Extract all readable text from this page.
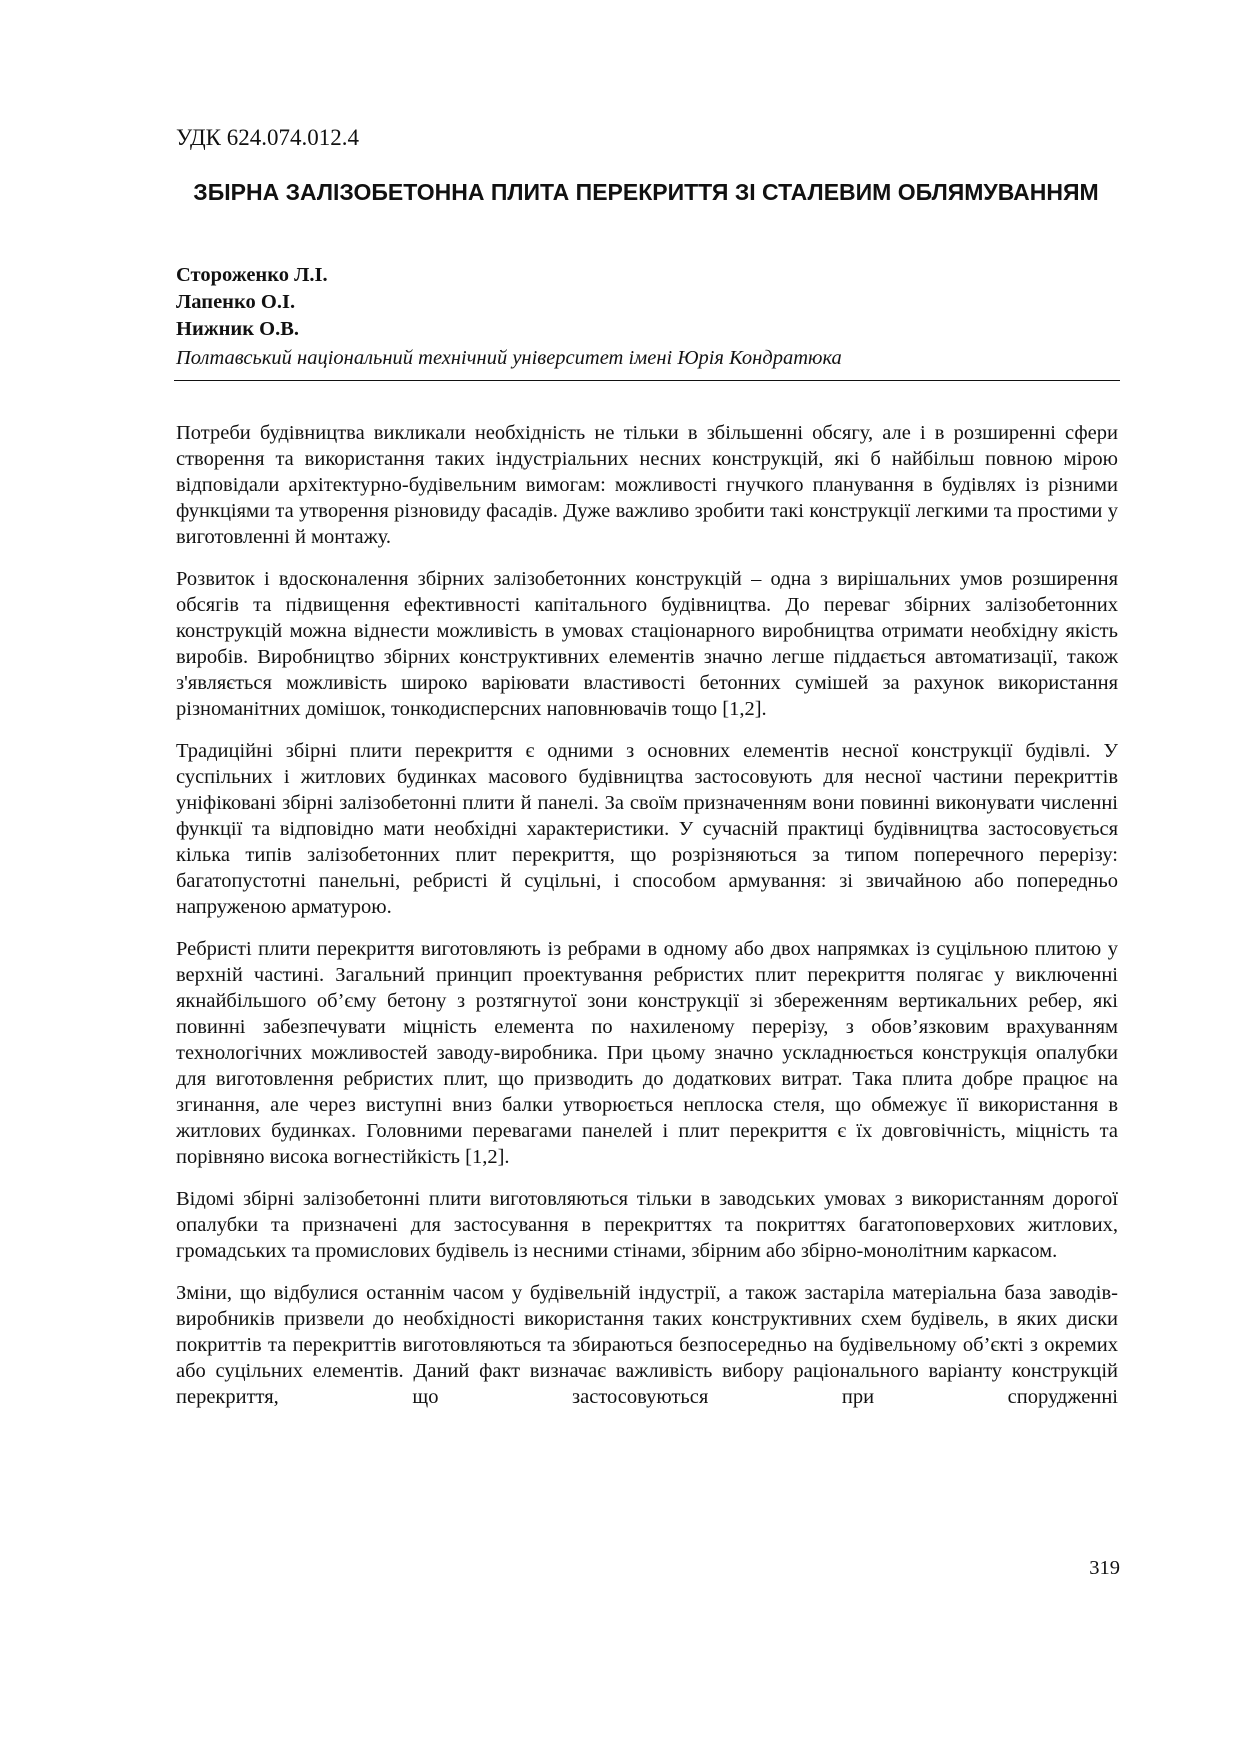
УДК 624.074.012.4

ЗБІРНА ЗАЛІЗОБЕТОННА ПЛИТА ПЕРЕКРИТТЯ ЗІ СТАЛЕВИМ ОБЛЯМУВАННЯМ
Стороженко Л.І.
Лапенко О.І.
Нижник О.В.

Полтавський національний технічний університет імені Юрія Кондратюка

Потреби будівництва викликали необхідність не тільки в збільшенні обсягу, але і в розширенні сфери створення та використання таких індустріальних несних конструкцій, які б найбільш повною мірою відповідали архітектурно-будівельним вимогам: можливості гнучкого планування в будівлях із різними функціями та утворення різновиду фасадів. Дуже важливо зробити такі конструкції легкими та простими у виготовленні й монтажу.

Розвиток і вдосконалення збірних залізобетонних конструкцій – одна з вирішальних умов розширення обсягів та підвищення ефективності капітального будівництва. До переваг збірних залізобетонних конструкцій можна віднести можливість в умовах стаціонарного виробництва отримати необхідну якість виробів. Виробництво збірних конструктивних елементів значно легше піддається автоматизації, також з'являється можливість широко варіювати властивості бетонних сумішей за рахунок використання різноманітних домішок, тонкодисперсних наповнювачів тощо [1,2].

Традиційні збірні плити перекриття є одними з основних елементів несної конструкції будівлі. У суспільних і житлових будинках масового будівництва застосовують для несної частини перекриттів уніфіковані збірні залізобетонні плити й панелі. За своїм призначенням вони повинні виконувати численні функції та відповідно мати необхідні характеристики. У сучасній практиці будівництва застосовується кілька типів залізобетонних плит перекриття, що розрізняються за типом поперечного перерізу: багатопустотні панельні, ребристі й суцільні, і способом армування: зі звичайною або попередньо напруженою арматурою.

Ребристі плити перекриття виготовляють із ребрами в одному або двох напрямках із суцільною плитою у верхній частині. Загальний принцип проектування ребристих плит перекриття полягає у виключенні якнайбільшого об’єму бетону з розтягнутої зони конструкції зі збереженням вертикальних ребер, які повинні забезпечувати міцність елемента по нахиленому перерізу, з обов’язковим врахуванням технологічних можливостей заводу-виробника. При цьому значно ускладнюється конструкція опалубки для виготовлення ребристих плит, що призводить до додаткових витрат. Така плита добре працює на згинання, але через виступні вниз балки утворюється неплоска стеля, що обмежує її використання в житлових будинках. Головними перевагами панелей і плит перекриття є їх довговічність, міцність та порівняно висока вогнестійкість [1,2].

Відомі збірні залізобетонні плити виготовляються тільки в заводських умовах з використанням дорогої опалубки та призначені для застосування в перекриттях та покриттях багатоповерхових житлових, громадських та промислових будівель із несними стінами, збірним або збірно-монолітним каркасом.

Зміни, що відбулися останнім часом у будівельній індустрії, а також застаріла матеріальна база заводів-виробників призвели до необхідності використання таких конструктивних схем будівель, в яких диски покриттів та перекриттів виготовляються та збираються безпосередньо на будівельному об’єкті з окремих або суцільних елементів. Даний факт визначає важливість вибору раціонального варіанту конструкцій перекриття, що застосовуються при спорудженні

319
